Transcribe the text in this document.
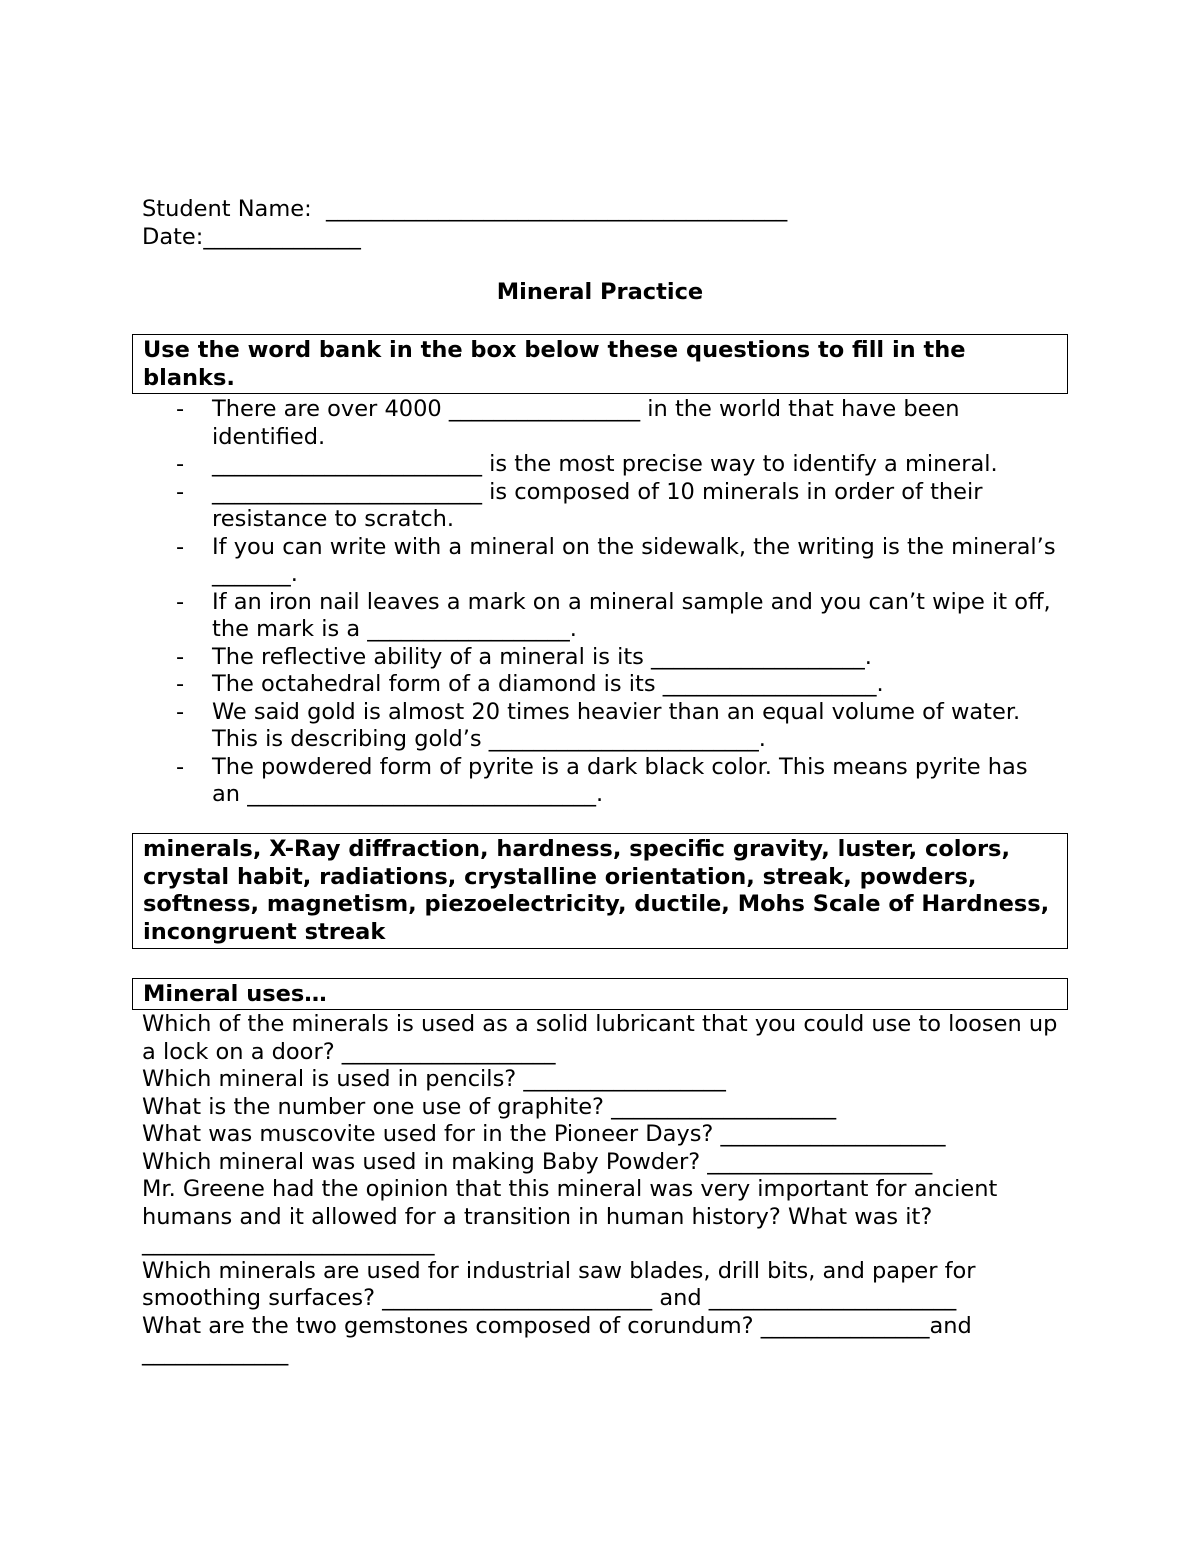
Student Name:  _________________________________________
Date:______________
Mineral Practice

Use the word bank in the box below these questions to fill in the blanks.

- There are over 4000 _________________ in the world that have been identified.
- ________________________ is the most precise way to identify a mineral.
- ________________________ is composed of 10 minerals in order of their resistance to scratch.
- If you can write with a mineral on the sidewalk, the writing is the mineral’s _______.
- If an iron nail leaves a mark on a mineral sample and you can’t wipe it off, the mark is a __________________.
- The reflective ability of a mineral is its ___________________.
- The octahedral form of a diamond is its ___________________.
- We said gold is almost 20 times heavier than an equal volume of water. This is describing gold’s ________________________.
- The powdered form of pyrite is a dark black color. This means pyrite has an _______________________________.

minerals, X-Ray diffraction, hardness, specific gravity, luster, colors, crystal habit, radiations, crystalline orientation, streak, powders, softness, magnetism, piezoelectricity, ductile, Mohs Scale of Hardness, incongruent streak

Mineral uses…

Which of the minerals is used as a solid lubricant that you could use to loosen up a lock on a door? ___________________

Which mineral is used in pencils? __________________

What is the number one use of graphite? ____________________

What was muscovite used for in the Pioneer Days? ____________________

Which mineral was used in making Baby Powder? ____________________

Mr. Greene had the opinion that this mineral was very important for ancient humans and it allowed for a transition in human history? What was it?

__________________________

Which minerals are used for industrial saw blades, drill bits, and paper for smoothing surfaces? ________________________ and ______________________

What are the two gemstones composed of corundum? _______________and _____________
